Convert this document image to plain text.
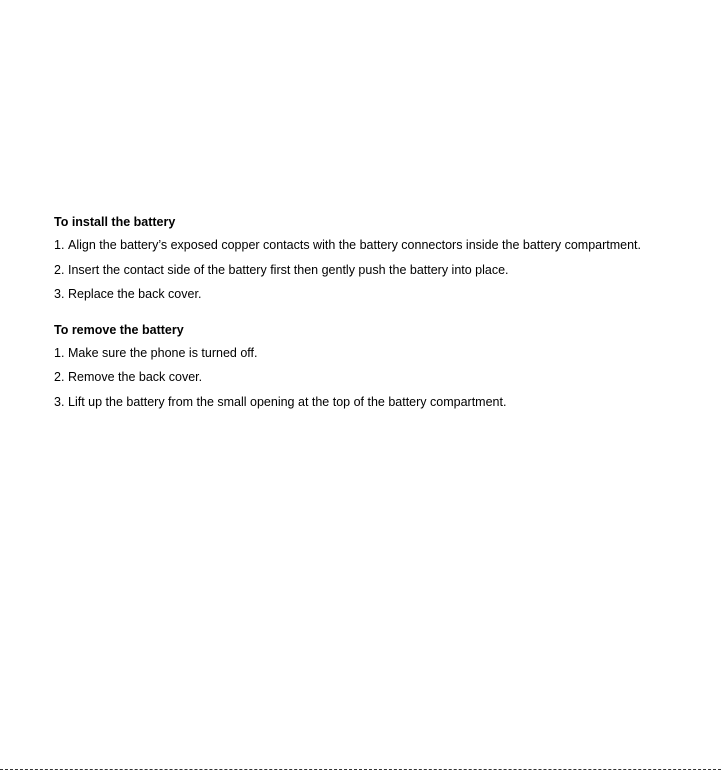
To install the battery
1. Align the battery’s exposed copper contacts with the battery connectors inside the battery compartment.
2. Insert the contact side of the battery first then gently push the battery into place.
3. Replace the back cover.
To remove the battery
1. Make sure the phone is turned off.
2. Remove the back cover.
3. Lift up the battery from the small opening at the top of the battery compartment.
